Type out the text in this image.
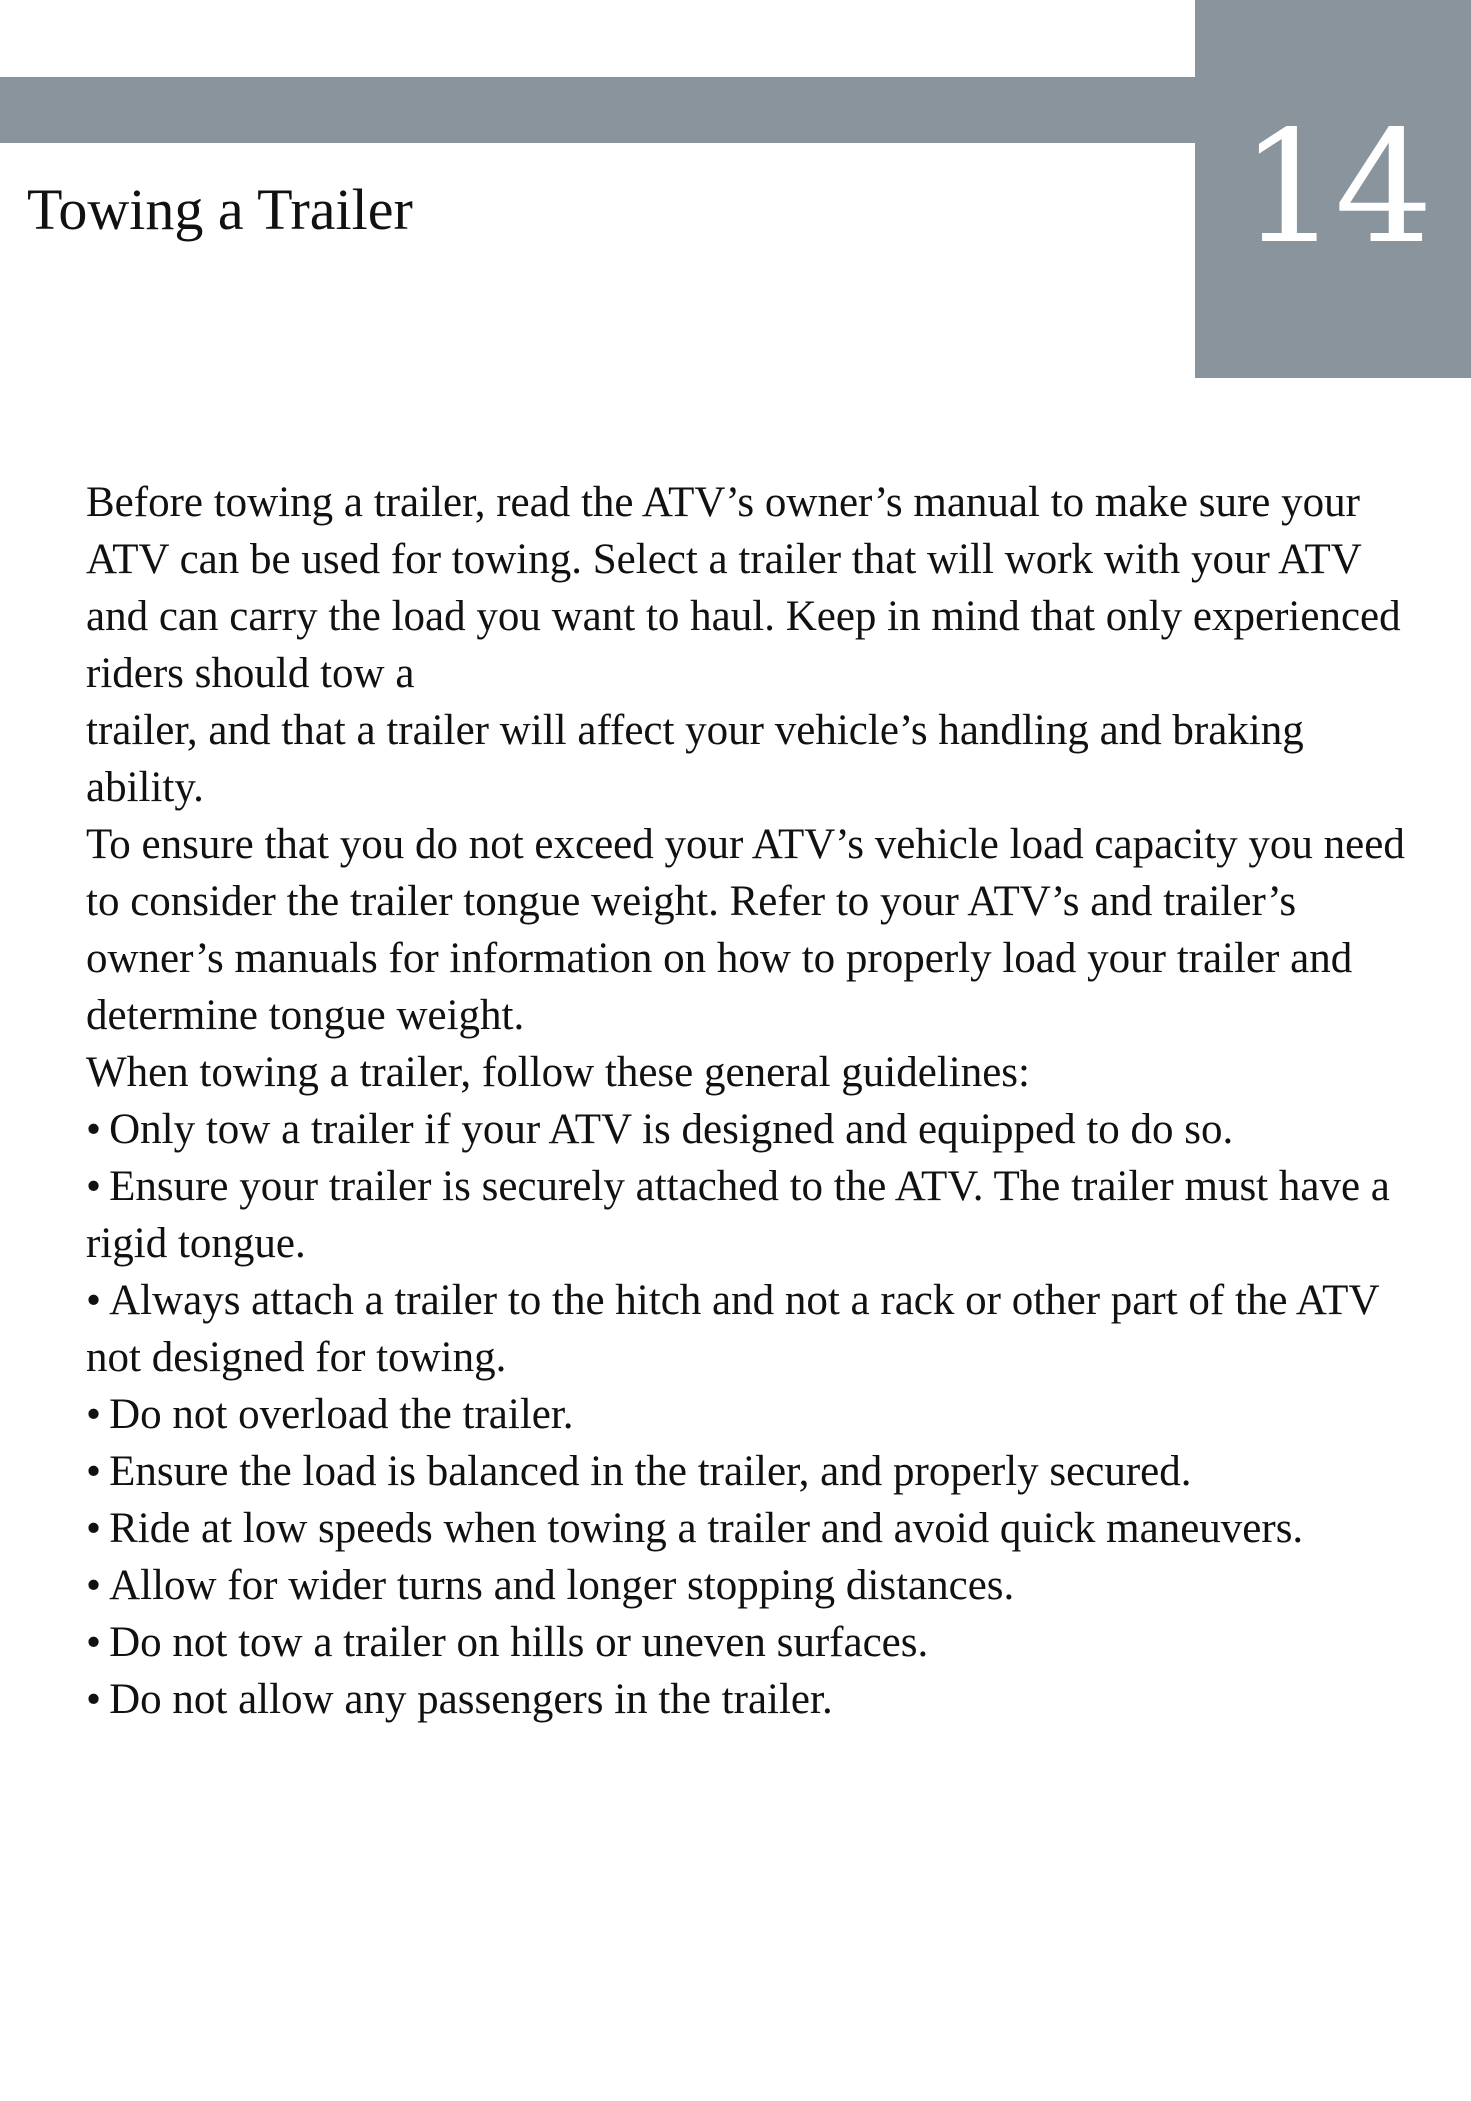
14
Towing a Trailer

Before towing a trailer, read the ATV’s owner’s manual to make sure your ATV can be used for towing. Select a trailer that will work with your ATV

and can carry the load you want to haul. Keep in mind that only experienced riders should tow a

trailer, and that a trailer will affect your vehicle’s handling and braking ability.

To ensure that you do not exceed your ATV’s vehicle load capacity you need to consider the trailer tongue weight. Refer to your ATV’s and trailer’s

owner’s manuals for information on how to properly load your trailer and determine tongue weight.

When towing a trailer, follow these general guidelines:

• Only tow a trailer if your ATV is designed and equipped to do so.
• Ensure your trailer is securely attached to the ATV. The trailer must have a rigid tongue.
• Always attach a trailer to the hitch and not a rack or other part of the ATV not designed for towing.
• Do not overload the trailer.
• Ensure the load is balanced in the trailer, and properly secured.
• Ride at low speeds when towing a trailer and avoid quick maneuvers.
• Allow for wider turns and longer stopping distances.
• Do not tow a trailer on hills or uneven surfaces.
• Do not allow any passengers in the trailer.
